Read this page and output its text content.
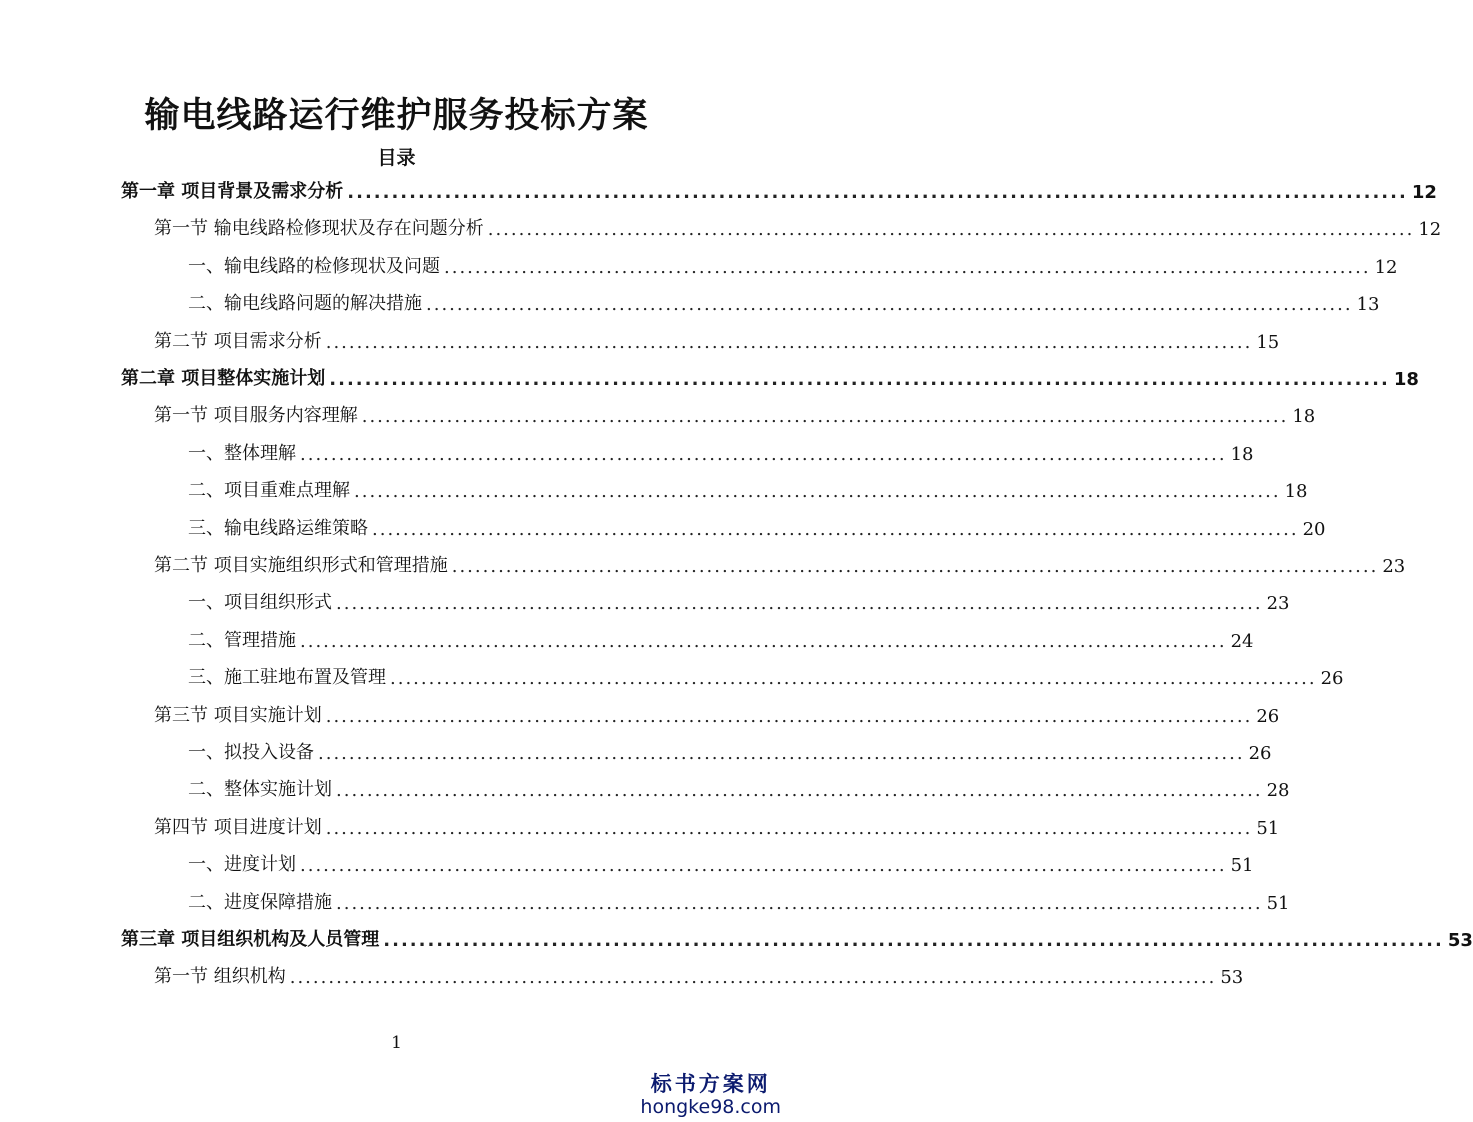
输电线路运行维护服务投标方案
目录
第一章 项目背景及需求分析 ........................................................................................................................ 12
第一节 输电线路检修现状及存在问题分析 ........................................................................................................................ 12
一、输电线路的检修现状及问题 ........................................................................................................................ 12
二、输电线路问题的解决措施 ........................................................................................................................ 13
第二节 项目需求分析 ........................................................................................................................ 15
第二章 项目整体实施计划 ........................................................................................................................ 18
第一节 项目服务内容理解 ........................................................................................................................ 18
一、整体理解 ........................................................................................................................ 18
二、项目重难点理解 ........................................................................................................................ 18
三、输电线路运维策略 ........................................................................................................................ 20
第二节 项目实施组织形式和管理措施 ........................................................................................................................ 23
一、项目组织形式 ........................................................................................................................ 23
二、管理措施 ........................................................................................................................ 24
三、施工驻地布置及管理 ........................................................................................................................ 26
第三节 项目实施计划 ........................................................................................................................ 26
一、拟投入设备 ........................................................................................................................ 26
二、整体实施计划 ........................................................................................................................ 28
第四节 项目进度计划 ........................................................................................................................ 51
一、进度计划 ........................................................................................................................ 51
二、进度保障措施 ........................................................................................................................ 51
第三章 项目组织机构及人员管理 ........................................................................................................................ 53
第一节 组织机构 ........................................................................................................................ 53
1
标书方案网
hongke98.com
